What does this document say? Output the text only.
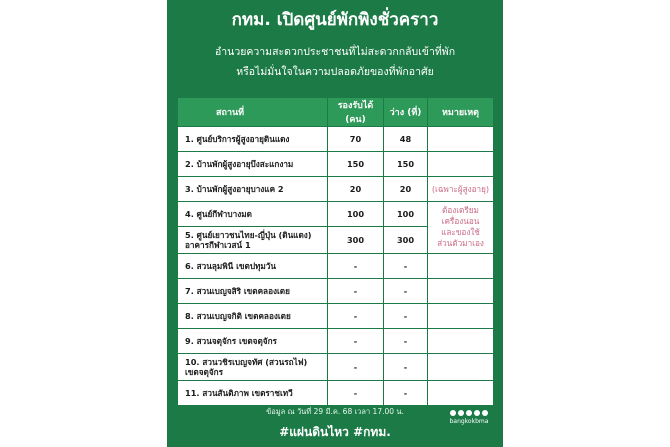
กทม. เปิดศูนย์พักพิงชั่วคราว
อำนวยความสะดวกประชาชนที่ไม่สะดวกกลับเข้าที่พัก
หรือไม่มั่นใจในความปลอดภัยของที่พักอาศัย
สถานที่	รองรับได้ (คน)	ว่าง (ที่)	หมายเหตุ
1. ศูนย์บริการผู้สูงอายุดินแดง	70	48	
2. บ้านพักผู้สูงอายุบึงสะแกงาม	150	150	
3. บ้านพักผู้สูงอายุบางแค 2	20	20	(เฉพาะผู้สูงอายุ)
4. ศูนย์กีฬาบางมด	100	100	ต้องเตรียม
เครื่องนอน
และของใช้
ส่วนตัวมาเอง

5. ศูนย์เยาวชนไทย-ญี่ปุ่น (ดินแดง)
อาคารกีฬาเวสน์ 1	300	300	
6. สวนลุมพินี เขตปทุมวัน	-	-	
7. สวนเบญจสิริ เขตคลองเตย	-	-	
8. สวนเบญจกิติ เขตคลองเตย	-	-	
9. สวนจตุจักร เขตจตุจักร	-	-	

10. สวนวชิรเบญจทัศ (สวนรถไฟ)
เขตจตุจักร	-	-	
11. สวนสันติภาพ เขตราชเทวี	-	-	
ข้อมูล ณ วันที่ 29 มี.ค. 68 เวลา 17.00 น.
#แผ่นดินไหว #กทม.
bangkokbma
